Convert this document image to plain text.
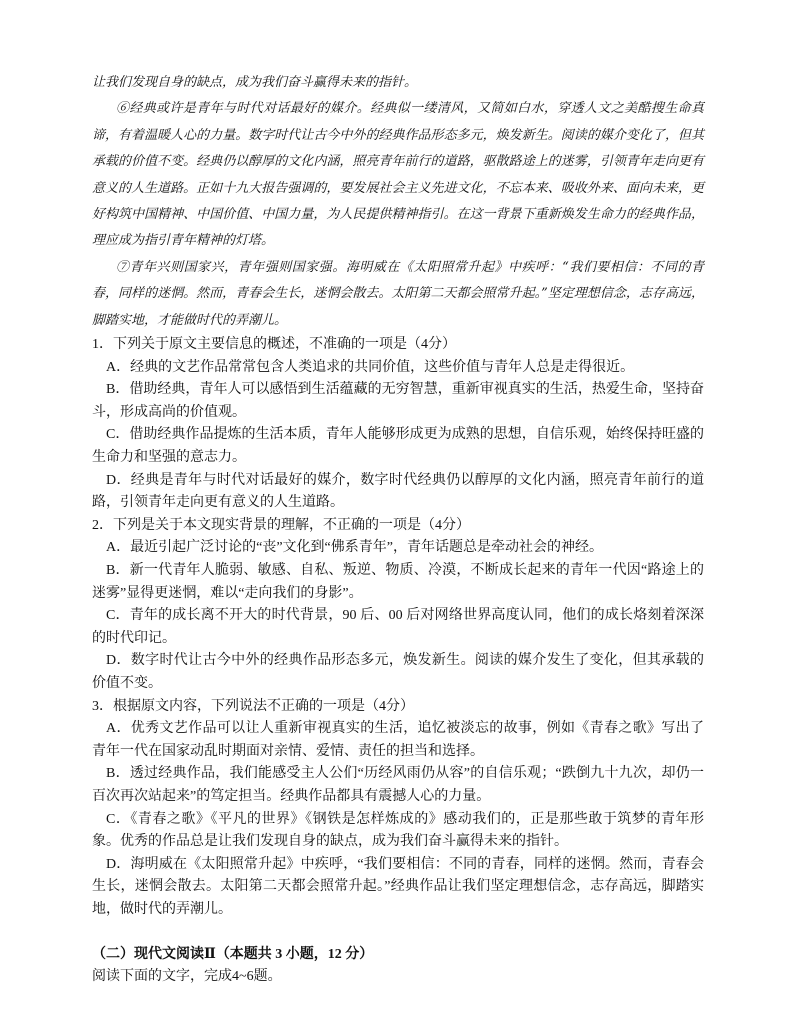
让我们发现自身的缺点，成为我们奋斗赢得未来的指针。

⑥经典或许是青年与时代对话最好的媒介。经典似一缕清风，又简如白水，穿透人文之美酷搜生命真谛，有着温暖人心的力量。数字时代让古今中外的经典作品形态多元，焕发新生。阅读的媒介变化了，但其承载的价值不变。经典仍以醇厚的文化内涵，照亮青年前行的道路，驱散路途上的迷雾，引领青年走向更有意义的人生道路。正如十九大报告强调的，要发展社会主义先进文化，不忘本来、吸收外来、面向未来，更好构筑中国精神、中国价值、中国力量，为人民提供精神指引。在这一背景下重新焕发生命力的经典作品，理应成为指引青年精神的灯塔。

⑦青年兴则国家兴，青年强则国家强。海明威在《太阳照常升起》中疾呼：“我们要相信：不同的青春，同样的迷惘。然而，青春会生长，迷惘会散去。太阳第二天都会照常升起。”坚定理想信念，志存高远，脚踏实地，才能做时代的弄潮儿。

1．下列关于原文主要信息的概述，不准确的一项是（4分）

A．经典的文艺作品常常包含人类追求的共同价值，这些价值与青年人总是走得很近。

B．借助经典，青年人可以感悟到生活蕴藏的无穷智慧，重新审视真实的生活，热爱生命，坚持奋斗，形成高尚的价值观。

C．借助经典作品提炼的生活本质，青年人能够形成更为成熟的思想，自信乐观，始终保持旺盛的生命力和坚强的意志力。

D．经典是青年与时代对话最好的媒介，数字时代经典仍以醇厚的文化内涵，照亮青年前行的道路，引领青年走向更有意义的人生道路。

2．下列是关于本文现实背景的理解，不正确的一项是（4分）

A．最近引起广泛讨论的“丧”文化到“佛系青年”，青年话题总是牵动社会的神经。

B．新一代青年人脆弱、敏感、自私、叛逆、物质、冷漠，不断成长起来的青年一代因“路途上的迷雾”显得更迷惘，难以“走向我们的身影”。

C．青年的成长离不开大的时代背景，90 后、00 后对网络世界高度认同，他们的成长烙刻着深深的时代印记。

D．数字时代让古今中外的经典作品形态多元，焕发新生。阅读的媒介发生了变化，但其承载的价值不变。

3．根据原文内容，下列说法不正确的一项是（4分）

A．优秀文艺作品可以让人重新审视真实的生活，追忆被淡忘的故事，例如《青春之歌》写出了青年一代在国家动乱时期面对亲情、爱情、责任的担当和选择。

B．透过经典作品，我们能感受主人公们“历经风雨仍从容”的自信乐观；“跌倒九十九次，却仍一百次再次站起来”的笃定担当。经典作品都具有震撼人心的力量。

C．《青春之歌》《平凡的世界》《钢铁是怎样炼成的》感动我们的，正是那些敢于筑梦的青年形象。优秀的作品总是让我们发现自身的缺点，成为我们奋斗赢得未来的指针。

D．海明威在《太阳照常升起》中疾呼，“我们要相信：不同的青春，同样的迷惘。然而，青春会生长，迷惘会散去。太阳第二天都会照常升起。”经典作品让我们坚定理想信念，志存高远，脚踏实地，做时代的弄潮儿。

（二）现代文阅读Ⅱ（本题共 3 小题，12 分）

阅读下面的文字，完成4~6题。
